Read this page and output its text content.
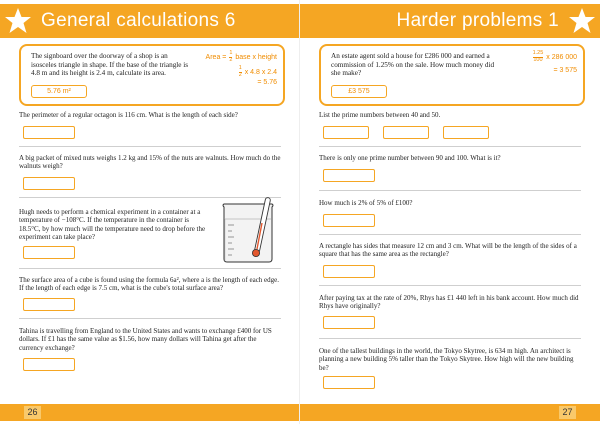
General calculations 6
The signboard over the doorway of a shop is an isosceles triangle in shape. If the base of the triangle is 4.8 m and its height is 2.4 m, calculate its area.
Area = $\frac{1}{2}$ base x height
$\frac{1}{2}$ x 4.8 x 2.4
= 5.76
5.76 m²
The perimeter of a regular octagon is 116 cm. What is the length of each side?
A big packet of mixed nuts weighs 1.2 kg and 15% of the nuts are walnuts. How much do the walnuts weigh?
Hugh needs to perform a chemical experiment in a container at a temperature of −108°C. If the temperature in the container is 18.5°C, by how much will the temperature need to drop before the experiment can take place?
The surface area of a cube is found using the formula 6a², where a is the length of each edge. If the length of each edge is 7.5 cm, what is the cube's total surface area?
Tahina is travelling from England to the United States and wants to exchange £400 for US dollars. If £1 has the same value as $1.56, how many dollars will Tahina get after the currency exchange?
26
Harder problems 1
An estate agent sold a house for £286 000 and earned a commission of 1.25% on the sale. How much money did she make?
$\frac{1.25}{100}$ x 286 000
= 3 575
£3 575
List the prime numbers between 40 and 50.
There is only one prime number between 90 and 100. What is it?
How much is 2% of 5% of £100?
A rectangle has sides that measure 12 cm and 3 cm. What will be the length of the sides of a square that has the same area as the rectangle?
After paying tax at the rate of 20%, Rhys has £1 440 left in his bank account. How much did Rhys have originally?
One of the tallest buildings in the world, the Tokyo Skytree, is 634 m high. An architect is planning a new building 5% taller than the Tokyo Skytree. How high will the new building be?
27
